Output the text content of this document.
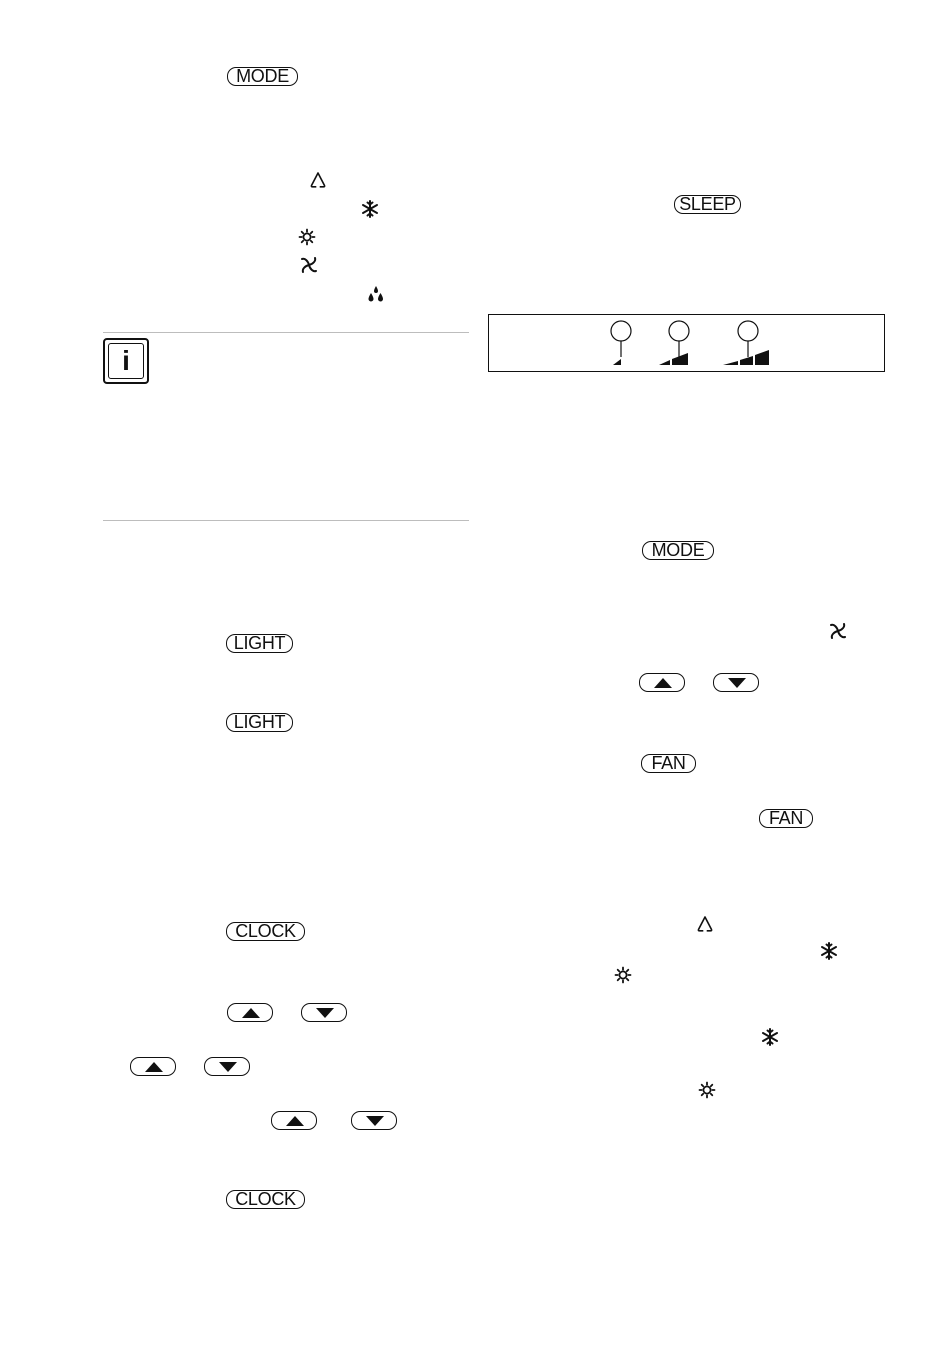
MODE
i
LIGHT
LIGHT
CLOCK
CLOCK
SLEEP
MODE
FAN
FAN
